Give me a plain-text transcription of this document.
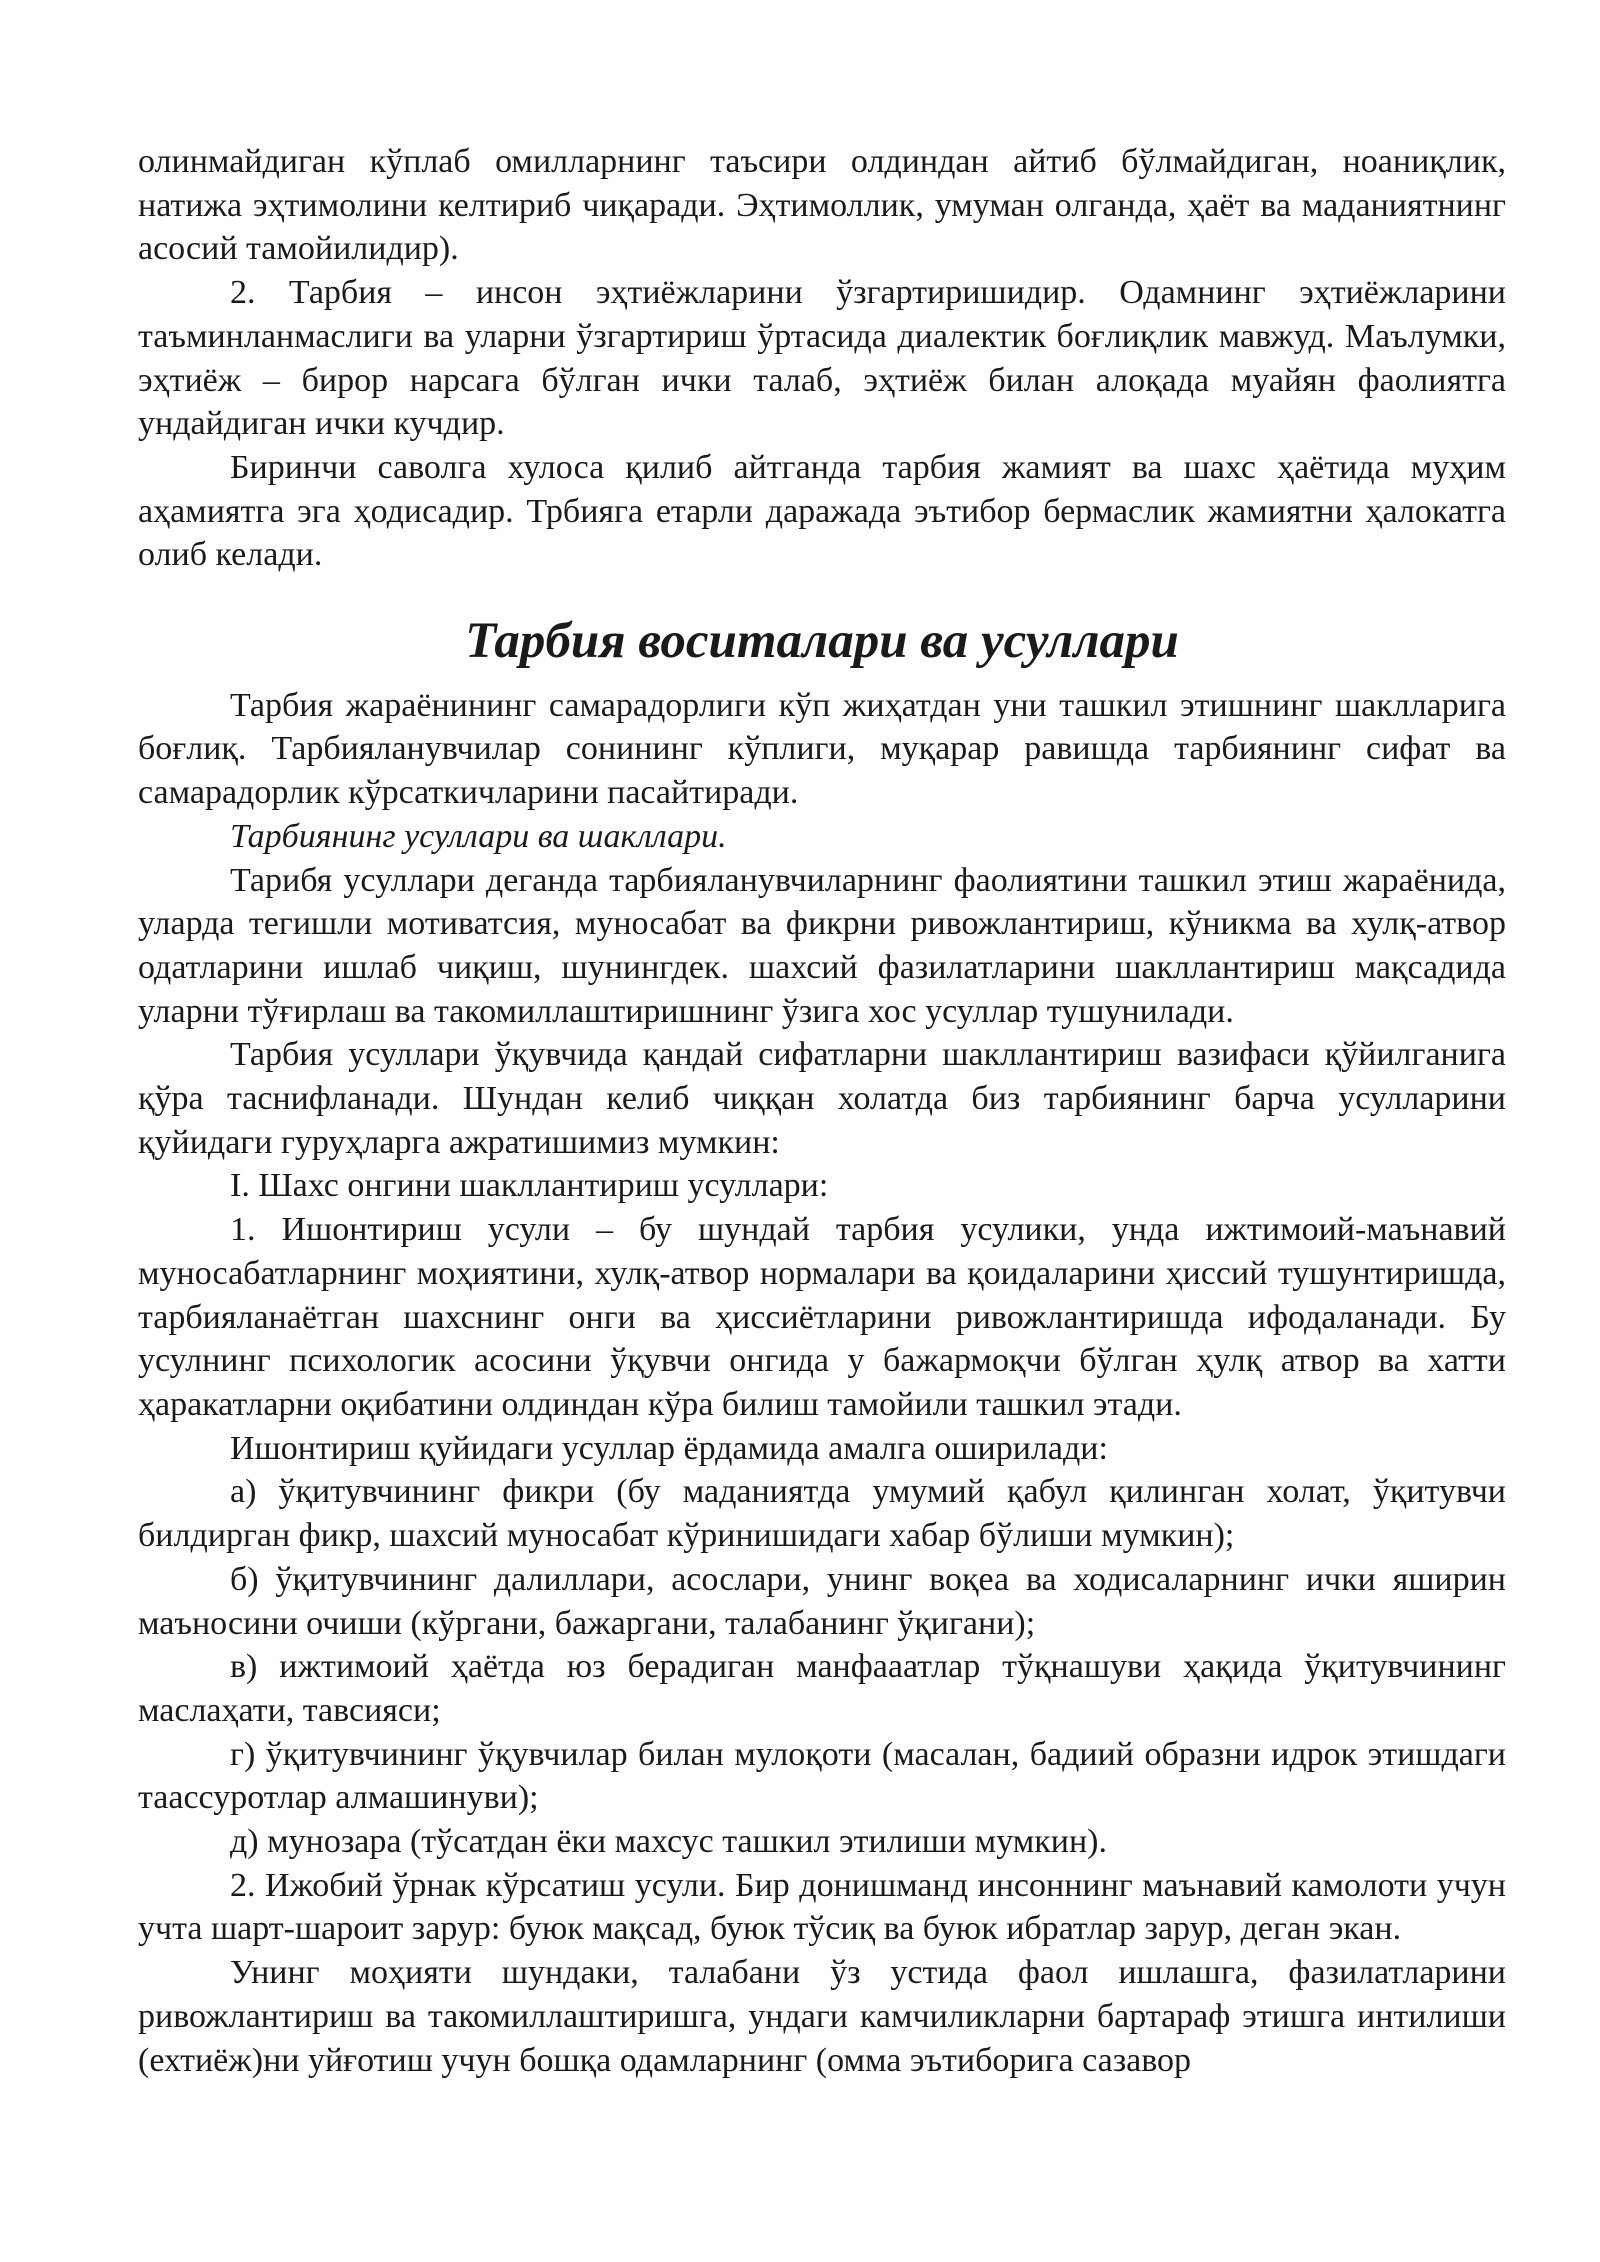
олинмайдиган кўплаб омилларнинг таъсири олдиндан айтиб бўлмайдиган, ноаниқлик, натижа эҳтимолини келтириб чиқаради. Эҳтимоллик, умуман олганда, ҳаёт ва маданиятнинг асосий тамойилидир).

2. Тарбия – инсон эҳтиёжларини ўзгартиришидир. Одамнинг эҳтиёжларини таъминланмаслиги ва уларни ўзгартириш ўртасида диалектик боғлиқлик мавжуд. Маълумки, эҳтиёж – бирор нарсага бўлган ички талаб, эҳтиёж билан алоқада муайян фаолиятга ундайдиган ички кучдир.

Биринчи саволга хулоса қилиб айтганда тарбия жамият ва шахс ҳаётида муҳим аҳамиятга эга ҳодисадир. Трбияга етарли даражада эътибор бермаслик жамиятни ҳалокатга олиб келади.

Тарбия воситалари ва усуллари

Тарбия жараёнининг самарадорлиги кўп жиҳатдан уни ташкил этишнинг шаклларига боғлиқ. Тарбияланувчилар сонининг кўплиги, муқарар равишда тарбиянинг сифат ва самарадорлик кўрсаткичларини пасайтиради.

Тарбиянинг усуллари ва шакллари.

Тарибя усуллари деганда тарбияланувчиларнинг фаолиятини ташкил этиш жараёнида, уларда тегишли мотиватсия, муносабат ва фикрни ривожлантириш, кўникма ва хулқ-атвор одатларини ишлаб чиқиш, шунингдек. шахсий фазилатларини шакллантириш мақсадида уларни тўғирлаш ва такомиллаштиришнинг ўзига хос усуллар тушунилади.

Тарбия усуллари ўқувчида қандай сифатларни шакллантириш вазифаси қўйилганига қўра таснифланади. Шундан келиб чиққан холатда биз тарбиянинг барча усулларини қуйидаги гуруҳларга ажратишимиз мумкин:

I. Шахс онгини шакллантириш усуллари:

1. Ишонтириш усули – бу шундай тарбия усулики, унда ижтимоий-маънавий муносабатларнинг моҳиятини, хулқ-атвор нормалари ва қоидаларини ҳиссий тушунтиришда, тарбияланаётган шахснинг онги ва ҳиссиётларини ривожлантиришда ифодаланади. Бу усулнинг психологик асосини ўқувчи онгида у бажармоқчи бўлган ҳулқ атвор ва хатти ҳаракатларни оқибатини олдиндан кўра билиш тамойили ташкил этади.

Ишонтириш қуйидаги усуллар ёрдамида амалга оширилади:

а) ўқитувчининг фикри (бу маданиятда умумий қабул қилинган холат, ўқитувчи билдирган фикр, шахсий муносабат кўринишидаги хабар бўлиши мумкин);

б) ўқитувчининг далиллари, асослари, унинг воқеа ва ходисаларнинг ички яширин маъносини очиши (кўргани, бажаргани, талабанинг ўқигани);

в) ижтимоий ҳаётда юз берадиган манфааатлар тўқнашуви ҳақида ўқитувчининг маслаҳати, тавсияси;

г) ўқитувчининг ўқувчилар билан мулоқоти (масалан, бадиий образни идрок этишдаги таассуротлар алмашинуви);

д) мунозара (тўсатдан ёки махсус ташкил этилиши мумкин).

2. Ижобий ўрнак кўрсатиш усули. Бир донишманд инсоннинг маънавий камолоти учун учта шарт-шароит зарур: буюк мақсад, буюк тўсиқ ва буюк ибратлар зарур, деган экан.

Унинг моҳияти шундаки, талабани ўз устида фаол ишлашга, фазилатларини ривожлантириш ва такомиллаштиришга, ундаги камчиликларни бартараф этишга интилиши (ехтиёж)ни уйғотиш учун бошқа одамларнинг (омма эътиборига сазавор
